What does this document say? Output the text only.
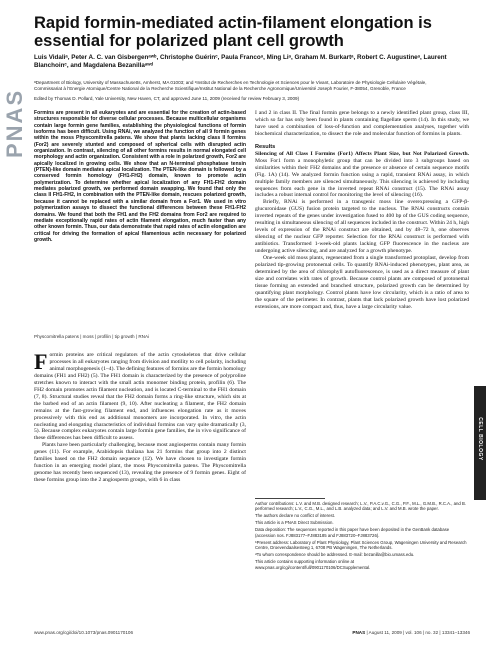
PNAS
Rapid formin-mediated actin-filament elongation is essential for polarized plant cell growth
Luis Vidaliᵃ, Peter A. C. van Gisbergenᵃʷᵇ, Christophe Guérinᶜ, Paula Francoᵃ, Ming Liᵃ, Graham M. Burkartᵃ, Robert C. Augustineᵃ, Laurent Blanchoinᶜ, and Magdalena Bezanillaᵃʷᵈ
ᵃDepartment of Biology, University of Massachusetts, Amherst, MA 01003; and ᶜInstitut de Recherches en Technologie et Sciences pour le Vivant, Laboratoire de Physiologie Cellulaire Végétale, Commissariat à l’Energie Atomique/Centre National de la Recherche Scientifique/Institut National de la Recherche Agronomique/Université Joseph Fourier, F-38054, Grenoble, France
Edited by Thomas D. Pollard, Yale University, New Haven, CT, and approved June 11, 2009 (received for review February 3, 2009)
Formins are present in all eukaryotes and are essential for the creation of actin-based structures responsible for diverse cellular processes. Because multicellular organisms contain large formin gene families, establishing the physiological functions of formin isoforms has been difficult. Using RNAi, we analyzed the function of all 9 formin genes within the moss Physcomitrella patens. We show that plants lacking class II formins (For2) are severely stunted and composed of spherical cells with disrupted actin organization. In contrast, silencing of all other formins results in normal elongated cell morphology and actin organization. Consistent with a role in polarized growth, For2 are apically localized in growing cells. We show that an N-terminal phosphatase tensin (PTEN)-like domain mediates apical localization. The PTEN-like domain is followed by a conserved formin homology (FH1-FH2) domain, known to promote actin polymerization. To determine whether apical localization of any FH1-FH2 domain mediates polarized growth, we performed domain swapping. We found that only the class II FH1-FH2, in combination with the PTEN-like domain, rescues polarized growth, because it cannot be replaced with a similar domain from a For1. We used in vitro polymerization assays to dissect the functional differences between these FH1-FH2 domains. We found that both the FH1 and the FH2 domains from For2 are required to mediate exceptionally rapid rates of actin filament elongation, much faster than any other known formin. Thus, our data demonstrate that rapid rates of actin elongation are critical for driving the formation of apical filamentous actin necessary for polarized growth.
Physcomitrella patens | moss | profilin | tip growth | RNAi

Formin proteins are critical regulators of the actin cytoskeleton that drive cellular processes in all eukaryotes ranging from division and motility to cell polarity, including animal morphogenesis (1–4). The defining features of formins are the formin homology domains (FH1 and FH2) (5). The FH1 domain is characterized by the presence of polyproline stretches known to interact with the small actin monomer binding protein, profilin (6). The FH2 domain promotes actin filament nucleation, and is located C-terminal to the FH1 domain (7, 8). Structural studies reveal that the FH2 domain forms a ring-like structure, which sits at the barbed end of an actin filament (9, 10). After nucleating a filament, the FH2 domain remains at the fast-growing filament end, and influences elongation rate as it moves processively with this end as additional monomers are incorporated. In vitro, the actin nucleating and elongating characteristics of individual formins can vary quite dramatically (3, 5). Because complex eukaryotes contain large formin gene families, the in vivo significance of these differences has been difficult to assess.

Plants have been particularly challenging, because most angiosperms contain many formin genes (11). For example, Arabidopsis thaliana has 21 formins that group into 2 distinct families based on the FH2 domain sequence (12). We have chosen to investigate formin function in an emerging model plant, the moss Physcomitrella patens. The Physcomitrella genome has recently been sequenced (13), revealing the presence of 9 formin genes. Eight of these formins group into the 2 angiosperm groups, with 6 in class

I and 2 in class II. The final formin gene belongs to a newly identified plant group, class III, which so far has only been found in plants containing flagellate sperm (14). In this study, we have used a combination of loss-of-function and complementation analyses, together with biochemical characterization, to dissect the role and molecular function of formins in plants.

Results

Silencing of All Class I Formins (For1) Affects Plant Size, but Not Polarized Growth. Moss For1 form a monophyletic group that can be divided into 3 subgroups based on similarities within their FH2 domains and the presence or absence of certain sequence motifs (Fig. 1A) (14). We analyzed formin function using a rapid, transient RNAi assay, in which multiple family members are silenced simultaneously. This silencing is achieved by including sequences from each gene in the inverted repeat RNAi construct (15). The RNAi assay includes a robust internal control for monitoring the level of silencing (16).

Briefly, RNAi is performed in a transgenic moss line overexpressing a GFP-β-glucuronidase (GUS) fusion protein targeted to the nucleus. The RNAi constructs contain inverted repeats of the genes under investigation fused to 400 bp of the GUS coding sequence, resulting in simultaneous silencing of all sequences included in the construct. Within 24 h, high levels of expression of the RNAi construct are obtained, and by 48–72 h, one observes silencing of the nuclear GFP reporter. Selection for the RNAi construct is performed with antibiotics. Transformed 1-week-old plants lacking GFP fluorescence in the nucleus are undergoing active silencing, and are analyzed for a growth phenotype.

One-week old moss plants, regenerated from a single transformed protoplast, develop from polarized tip-growing protonemal cells. To quantify RNAi-induced phenotypes, plant area, as determined by the area of chlorophyll autofluorescence, is used as a direct measure of plant size and correlates with rates of growth. Because control plants are composed of protonemal tissue forming an extended and branched structure, polarized growth can be determined by quantifying plant morphology. Control plants have low circularity, which is a ratio of area to the square of the perimeter. In contrast, plants that lack polarized growth have lost polarized extensions, are more compact and, thus, have a large circularity value.

Author contributions: L.V. and M.B. designed research; L.V., P.A.C.v.G., C.G., P.F., M.L., G.M.B., R.C.A., and B. performed research; L.V., C.G., M.L., and L.B. analyzed data; and L.V. and M.B. wrote the paper.

The authors declare no conflict of interest.

This article is a PNAS Direct Submission.

Data deposition: The sequences reported in this paper have been deposited in the GenBank database (accession nos. FJ883177–FJ883185 and FJ883720–FJ883726).

ᵇPresent address: Laboratory of Plant Physiology, Plant Sciences Group, Wageningen University and Research Centre, Droevendaalsesteeg 1, 6708 PB Wageningen, The Netherlands.

ᵈTo whom correspondence should be addressed. E-mail: bezanilla@bio.umass.edu.

This article contains supporting information online at www.pnas.org/cgi/content/full/0901170106/DCSupplemental.

CELL BIOLOGY
www.pnas.org/cgi/doi/10.1073/pnas.0901170106	PNAS | August 11, 2009 | vol. 106 | no. 32 | 13341–13346
